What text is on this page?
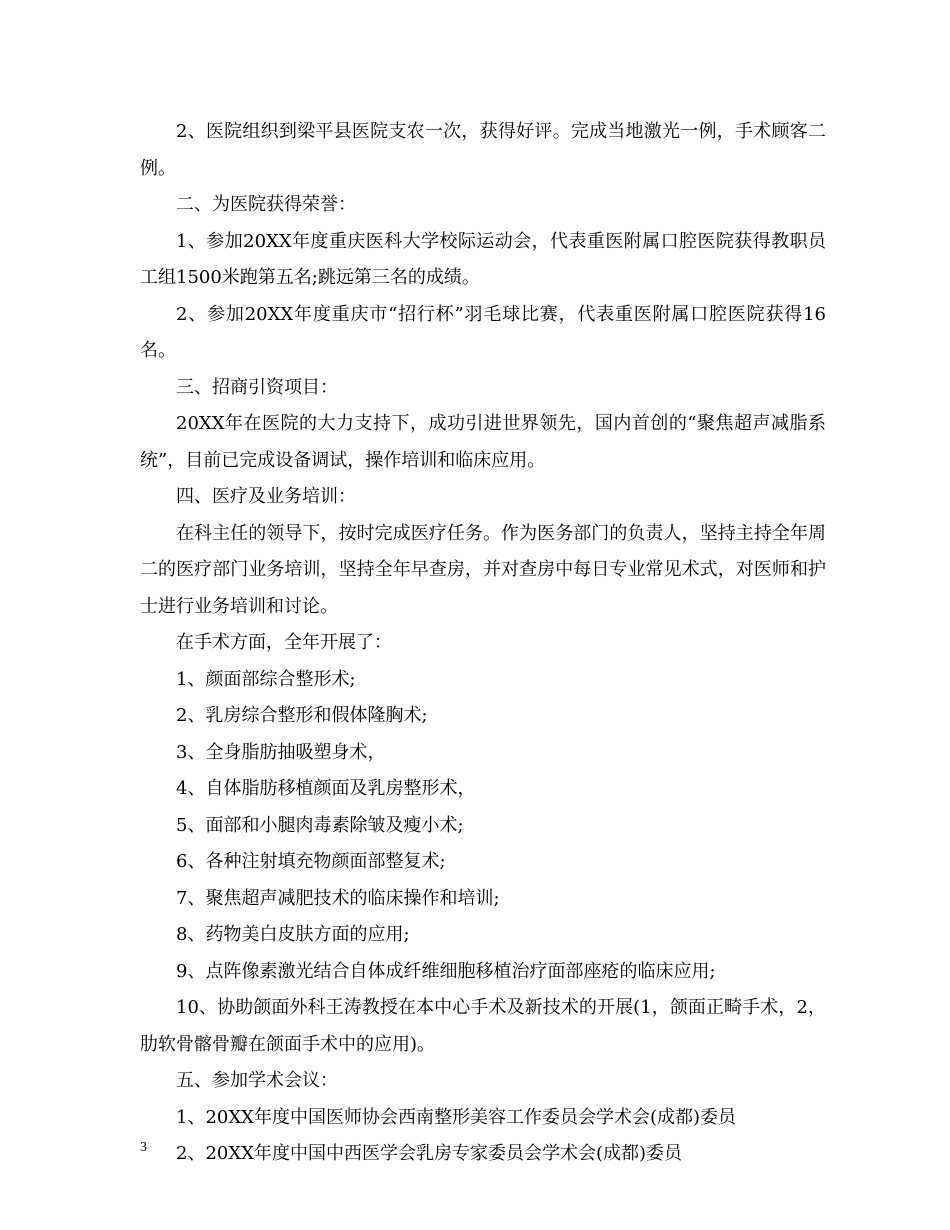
2、医院组织到梁平县医院支农一次，获得好评。完成当地激光一例，手术顾客二例。

二、为医院获得荣誉：

1、参加20XX年度重庆医科大学校际运动会，代表重医附属口腔医院获得教职员工组1500米跑第五名;跳远第三名的成绩。

2、参加20XX年度重庆市“招行杯”羽毛球比赛，代表重医附属口腔医院获得16名。

三、招商引资项目：

20XX年在医院的大力支持下，成功引进世界领先，国内首创的“聚焦超声减脂系统”，目前已完成设备调试，操作培训和临床应用。

四、医疗及业务培训：

在科主任的领导下，按时完成医疗任务。作为医务部门的负责人，坚持主持全年周二的医疗部门业务培训，坚持全年早查房，并对查房中每日专业常见术式，对医师和护士进行业务培训和讨论。

在手术方面，全年开展了：

1、颜面部综合整形术;

2、乳房综合整形和假体隆胸术;

3、全身脂肪抽吸塑身术，

4、自体脂肪移植颜面及乳房整形术，

5、面部和小腿肉毒素除皱及瘦小术;

6、各种注射填充物颜面部整复术;

7、聚焦超声减肥技术的临床操作和培训;

8、药物美白皮肤方面的应用;

9、点阵像素激光结合自体成纤维细胞移植治疗面部座疮的临床应用;

10、协助颌面外科王涛教授在本中心手术及新技术的开展(1，颌面正畸手术，2，肋软骨髂骨瓣在颌面手术中的应用)。

五、参加学术会议：

1、20XX年度中国医师协会西南整形美容工作委员会学术会(成都)委员

2、20XX年度中国中西医学会乳房专家委员会学术会(成都)委员

3
